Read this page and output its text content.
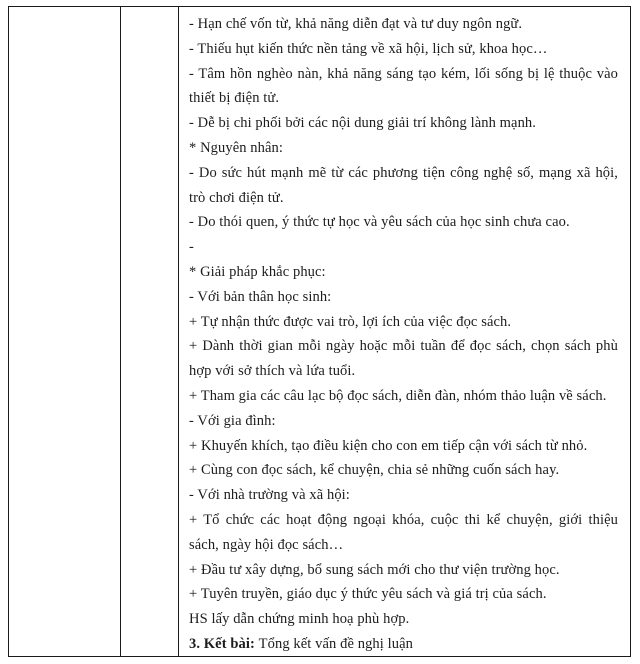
- Hạn chế vốn từ, khả năng diễn đạt và tư duy ngôn ngữ.

- Thiếu hụt kiến thức nền tảng về xã hội, lịch sử, khoa học…

- Tâm hồn nghèo nàn, khả năng sáng tạo kém, lối sống bị lệ thuộc vào thiết bị điện tử.

- Dễ bị chi phối bởi các nội dung giải trí không lành mạnh.

* Nguyên nhân:

- Do sức hút mạnh mẽ từ các phương tiện công nghệ số, mạng xã hội, trò chơi điện tử.

- Do thói quen, ý thức tự học và yêu sách của học sinh chưa cao.

-

* Giải pháp khắc phục:

- Với bản thân học sinh:

+ Tự nhận thức được vai trò, lợi ích của việc đọc sách.

+ Dành thời gian mỗi ngày hoặc mỗi tuần để đọc sách, chọn sách phù hợp với sở thích và lứa tuổi.

+ Tham gia các câu lạc bộ đọc sách, diễn đàn, nhóm thảo luận về sách.

- Với gia đình:

+ Khuyến khích, tạo điều kiện cho con em tiếp cận với sách từ nhỏ.

+ Cùng con đọc sách, kể chuyện, chia sẻ những cuốn sách hay.

- Với nhà trường và xã hội:

+ Tổ chức các hoạt động ngoại khóa, cuộc thi kể chuyện, giới thiệu sách, ngày hội đọc sách…

+ Đầu tư xây dựng, bổ sung sách mới cho thư viện trường học.

+ Tuyên truyền, giáo dục ý thức yêu sách và giá trị của sách.

HS lấy dẫn chứng minh hoạ phù hợp.

3. Kết bài: Tổng kết vấn đề nghị luận
